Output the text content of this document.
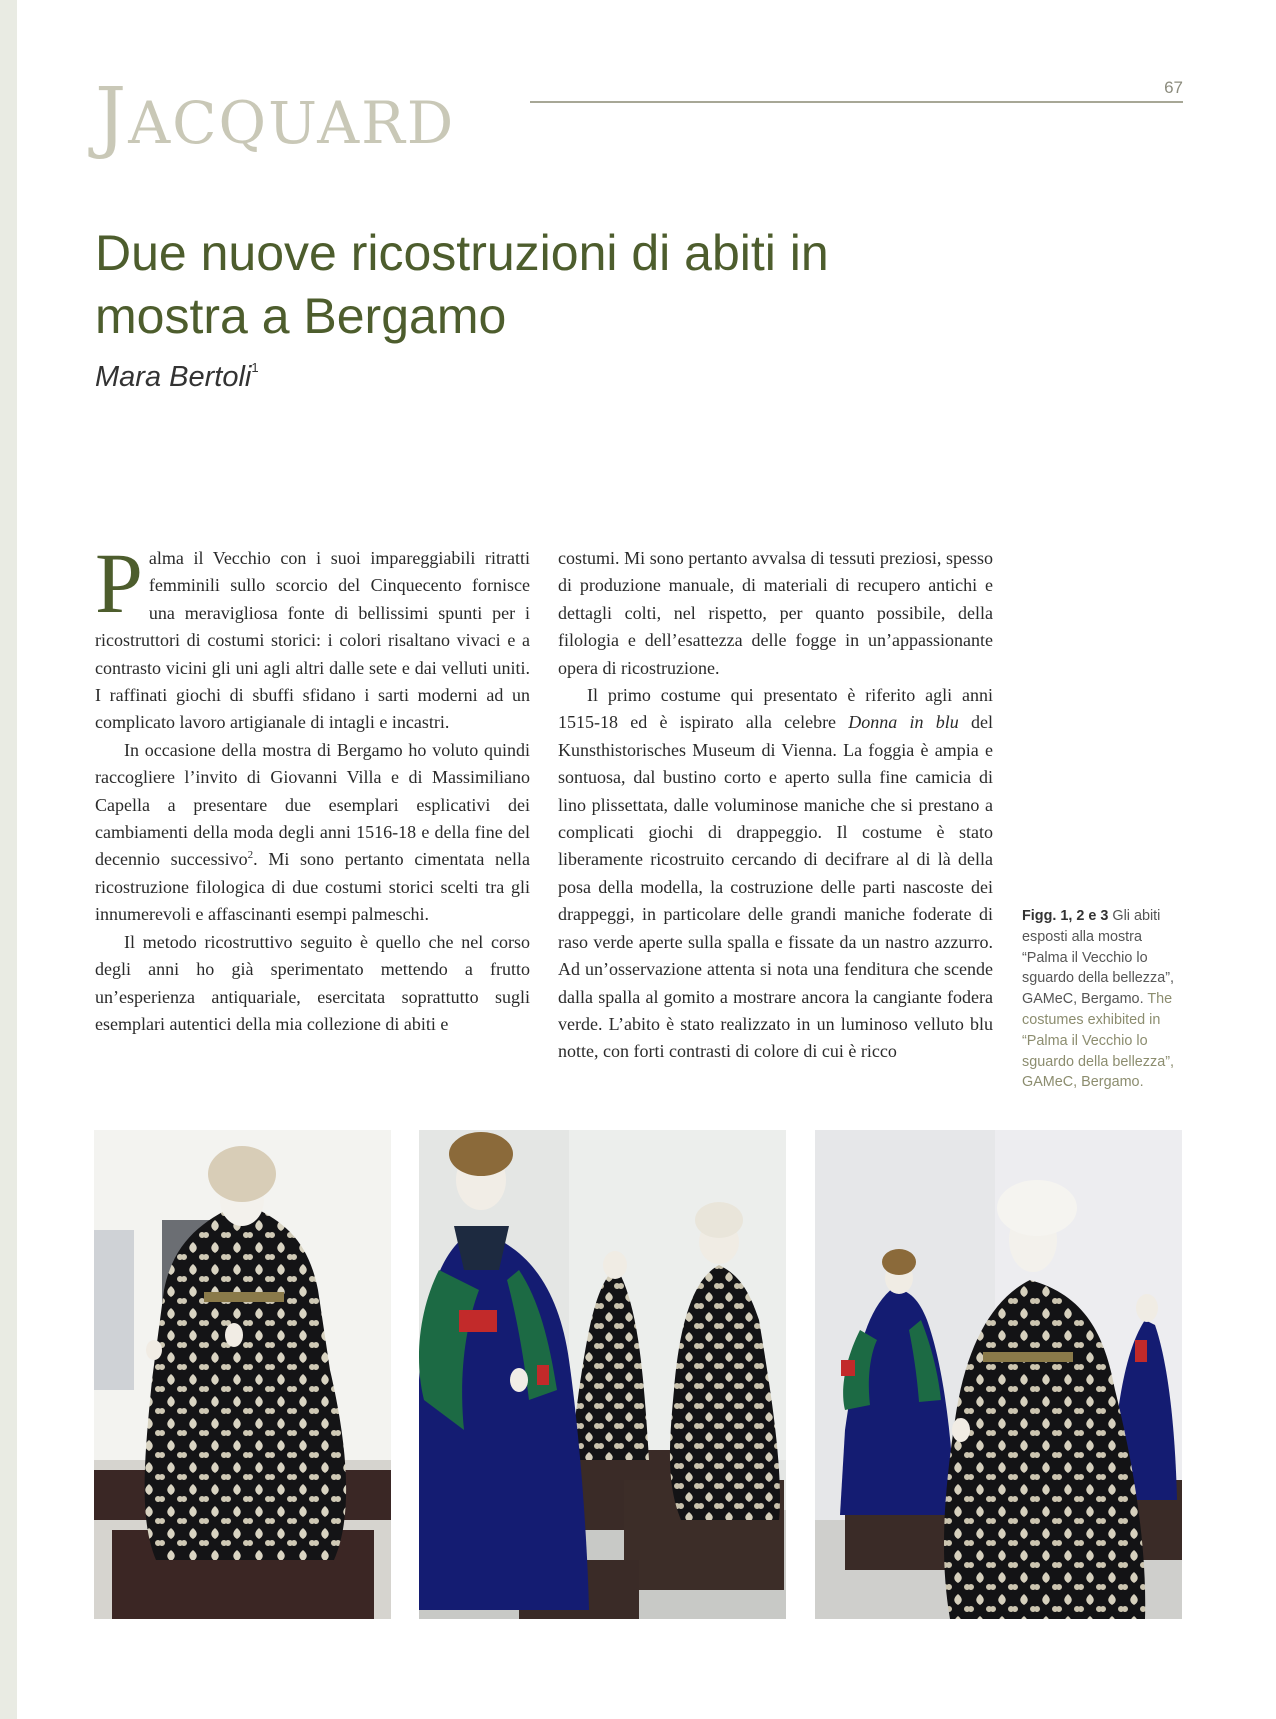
JACQUARD
67
Due nuove ricostruzioni di abiti in mostra a Bergamo
Mara Bertoli$^1$

Palma il Vecchio con i suoi impareggiabili ritratti femminili sullo scorcio del Cinquecento fornisce una meravigliosa fonte di bellissimi spunti per i ricostruttori di costumi storici: i colori risaltano vivaci e a contrasto vicini gli uni agli altri dalle sete e dai velluti uniti. I raffinati giochi di sbuffi sfidano i sarti moderni ad un complicato lavoro artigianale di intagli e incastri.

In occasione della mostra di Bergamo ho voluto quindi raccogliere l’invito di Giovanni Villa e di Massimiliano Capella a presentare due esemplari esplicativi dei cambiamenti della moda degli anni 1516-18 e della fine del decennio successivo$^2$. Mi sono pertanto cimentata nella ricostruzione filologica di due costumi storici scelti tra gli innumerevoli e affascinanti esempi palmeschi.

Il metodo ricostruttivo seguito è quello che nel corso degli anni ho già sperimentato mettendo a frutto un’esperienza antiquariale, esercitata soprattutto sugli esemplari autentici della mia collezione di abiti e

costumi. Mi sono pertanto avvalsa di tessuti preziosi, spesso di produzione manuale, di materiali di recupero antichi e dettagli colti, nel rispetto, per quanto possibile, della filologia e dell’esattezza delle fogge in un’appassionante opera di ricostruzione.

Il primo costume qui presentato è riferito agli anni 1515-18 ed è ispirato alla celebre Donna in blu del Kunsthistorisches Museum di Vienna. La foggia è ampia e sontuosa, dal bustino corto e aperto sulla fine camicia di lino plissettata, dalle voluminose maniche che si prestano a complicati giochi di drappeggio. Il costume è stato liberamente ricostruito cercando di decifrare al di là della posa della modella, la costruzione delle parti nascoste dei drappeggi, in particolare delle grandi maniche foderate di raso verde aperte sulla spalla e fissate da un nastro azzurro. Ad un’osservazione attenta si nota una fenditura che scende dalla spalla al gomito a mostrare ancora la cangiante fodera verde. L’abito è stato realizzato in un luminoso velluto blu notte, con forti contrasti di colore di cui è ricco

Figg. 1, 2 e 3 Gli abiti esposti alla mostra “Palma il Vecchio lo sguardo della bellezza”, GAMeC, Bergamo. The costumes exhibited in “Palma il Vecchio lo sguardo della bellezza”, GAMeC, Bergamo.
